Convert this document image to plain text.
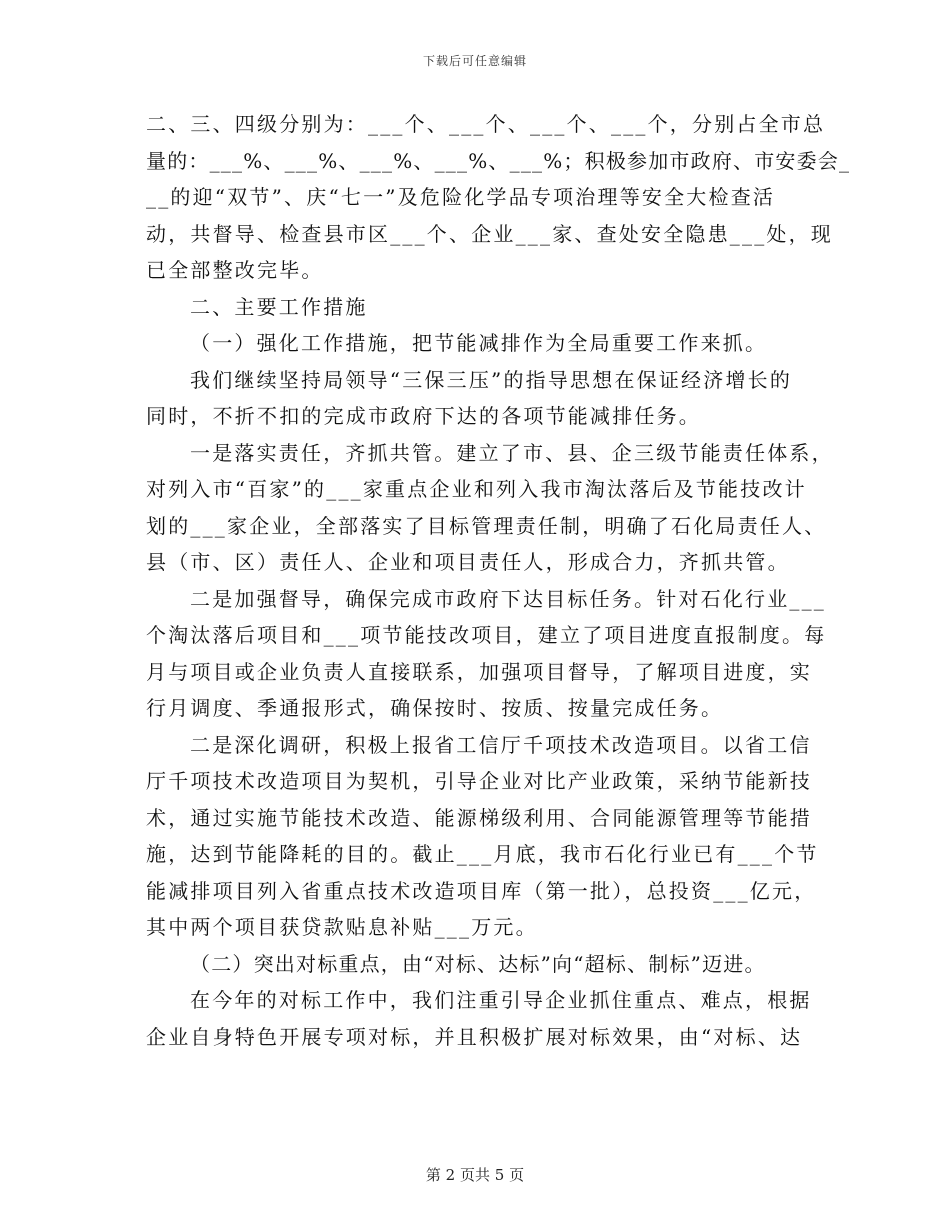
下载后可任意编辑
二、三、四级分别为：___个、___个、___个、___个，分别占全市总
量的：___%、___%、___%、___%、___%；积极参加市政府、市安委会_
__的迎“双节”、庆“七一”及危险化学品专项治理等安全大检查活
动，共督导、检查县市区___个、企业___家、查处安全隐患___处，现
已全部整改完毕。
二、主要工作措施
（一）强化工作措施，把节能减排作为全局重要工作来抓。
我们继续坚持局领导“三保三压”的指导思想在保证经济增长的
同时，不折不扣的完成市政府下达的各项节能减排任务。
一是落实责任，齐抓共管。建立了市、县、企三级节能责任体系，
对列入市“百家”的___家重点企业和列入我市淘汰落后及节能技改计
划的___家企业，全部落实了目标管理责任制，明确了石化局责任人、
县（市、区）责任人、企业和项目责任人，形成合力，齐抓共管。
二是加强督导，确保完成市政府下达目标任务。针对石化行业___
个淘汰落后项目和___项节能技改项目，建立了项目进度直报制度。每
月与项目或企业负责人直接联系，加强项目督导，了解项目进度，实
行月调度、季通报形式，确保按时、按质、按量完成任务。
二是深化调研，积极上报省工信厅千项技术改造项目。以省工信
厅千项技术改造项目为契机，引导企业对比产业政策，采纳节能新技
术，通过实施节能技术改造、能源梯级利用、合同能源管理等节能措
施，达到节能降耗的目的。截止___月底，我市石化行业已有___个节
能减排项目列入省重点技术改造项目库（第一批），总投资___亿元，
其中两个项目获贷款贴息补贴___万元。
（二）突出对标重点，由“对标、达标”向“超标、制标”迈进。
在今年的对标工作中，我们注重引导企业抓住重点、难点，根据
企业自身特色开展专项对标，并且积极扩展对标效果，由“对标、达
第 2 页共 5 页
